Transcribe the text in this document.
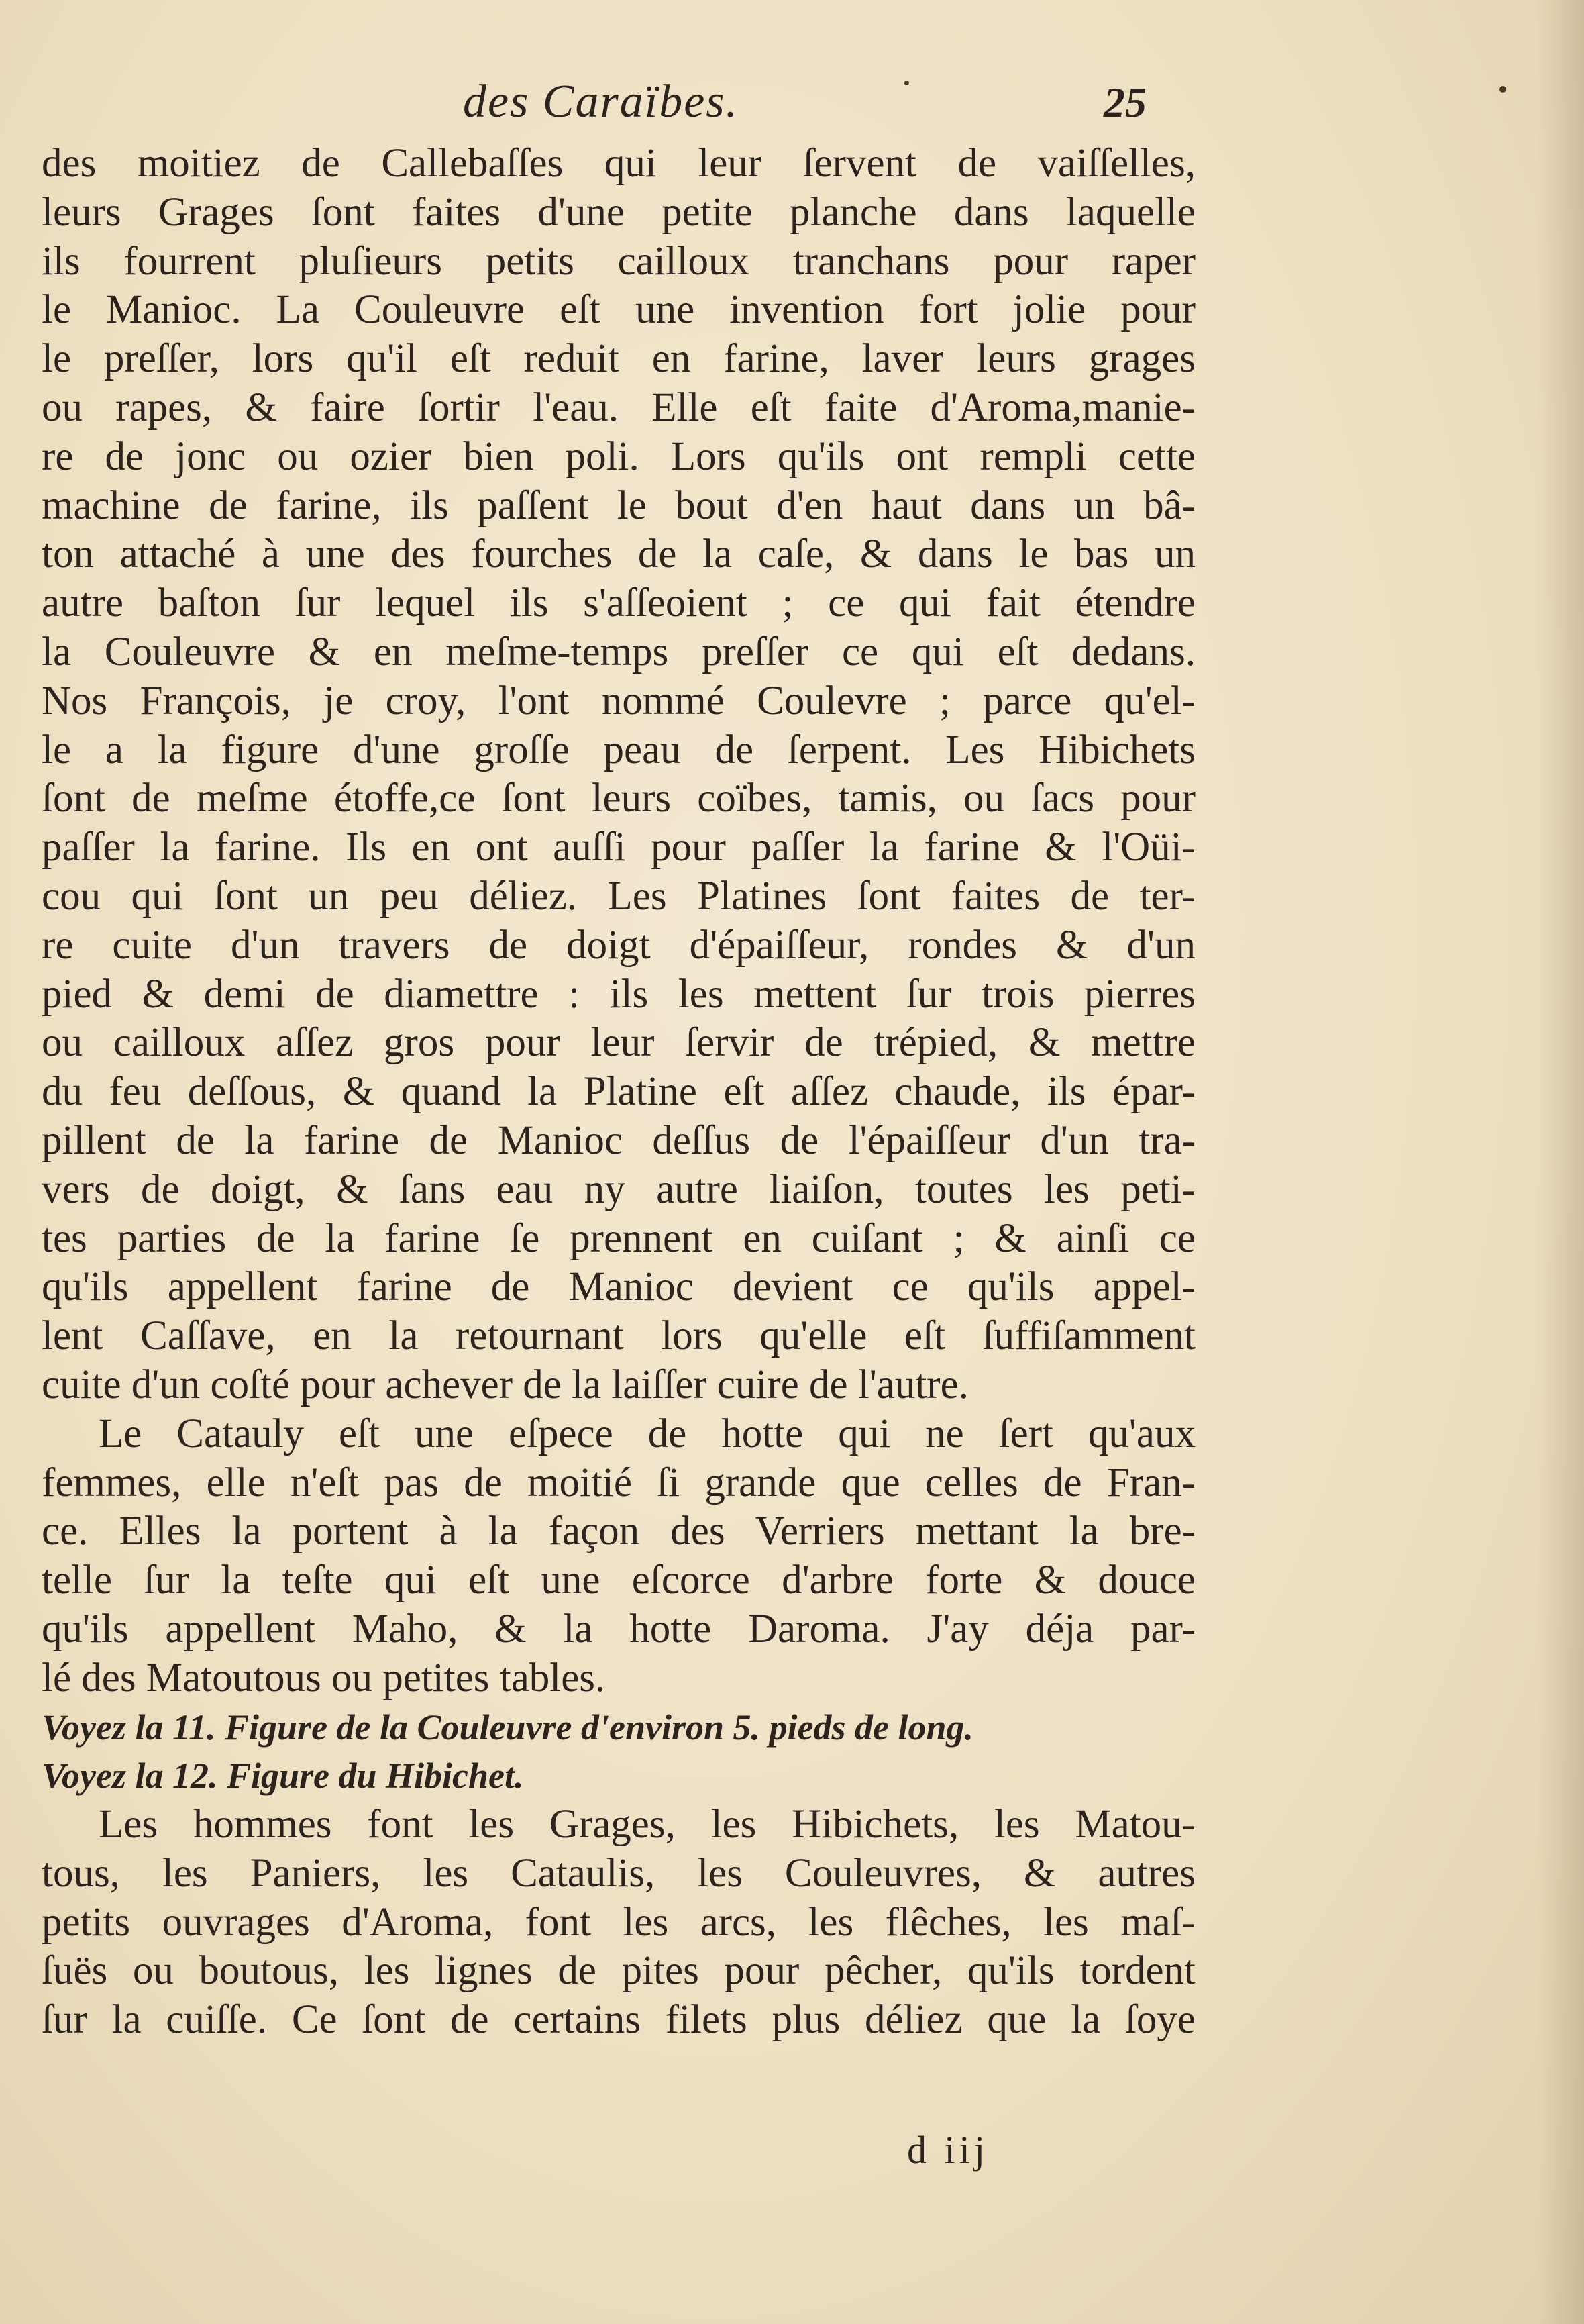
des Caraïbes.	25
des moitiez de Callebaſſes qui leur ſervent de vaiſſelles,
leurs Grages ſont faites d'une petite planche dans laquelle
ils fourrent pluſieurs petits cailloux tranchans pour raper
le Manioc. La Couleuvre eſt une invention fort jolie pour
le preſſer, lors qu'il eſt reduit en farine, laver leurs grages
ou rapes, & faire ſortir l'eau. Elle eſt faite d'Aroma,manie-
re de jonc ou ozier bien poli. Lors qu'ils ont rempli cette
machine de farine, ils paſſent le bout d'en haut dans un bâ-
ton attaché à une des fourches de la caſe, & dans le bas un
autre baſton ſur lequel ils s'aſſeoient ; ce qui fait étendre
la Couleuvre & en meſme-temps preſſer ce qui eſt dedans.
Nos François, je croy, l'ont nommé Coulevre ; parce qu'el-
le a la figure d'une groſſe peau de ſerpent. Les Hibichets
ſont de meſme étoffe,ce ſont leurs coïbes, tamis, ou ſacs pour
paſſer la farine. Ils en ont auſſi pour paſſer la farine & l'Oüi-
cou qui ſont un peu déliez. Les Platines ſont faites de ter-
re cuite d'un travers de doigt d'épaiſſeur, rondes & d'un
pied & demi de diamettre : ils les mettent ſur trois pierres
ou cailloux aſſez gros pour leur ſervir de trépied, & mettre
du feu deſſous, & quand la Platine eſt aſſez chaude, ils épar-
pillent de la farine de Manioc deſſus de l'épaiſſeur d'un tra-
vers de doigt, & ſans eau ny autre liaiſon, toutes les peti-
tes parties de la farine ſe prennent en cuiſant ; & ainſi ce
qu'ils appellent farine de Manioc devient ce qu'ils appel-
lent Caſſave, en la retournant lors qu'elle eſt ſuffiſamment
cuite d'un coſté pour achever de la laiſſer cuire de l'autre.
Le Catauly eſt une eſpece de hotte qui ne ſert qu'aux
femmes, elle n'eſt pas de moitié ſi grande que celles de Fran-
ce. Elles la portent à la façon des Verriers mettant la bre-
telle ſur la teſte qui eſt une eſcorce d'arbre forte & douce
qu'ils appellent Maho, & la hotte Daroma. J'ay déja par-
lé des Matoutous ou petites tables.
Voyez la 11. Figure de la Couleuvre d'environ 5. pieds de long.
Voyez la 12. Figure du Hibichet.
Les hommes font les Grages, les Hibichets, les Matou-
tous, les Paniers, les Cataulis, les Couleuvres, & autres
petits ouvrages d'Aroma, font les arcs, les flêches, les maſ-
ſuës ou boutous, les lignes de pites pour pêcher, qu'ils tordent
ſur la cuiſſe. Ce ſont de certains filets plus déliez que la ſoye
d iij
